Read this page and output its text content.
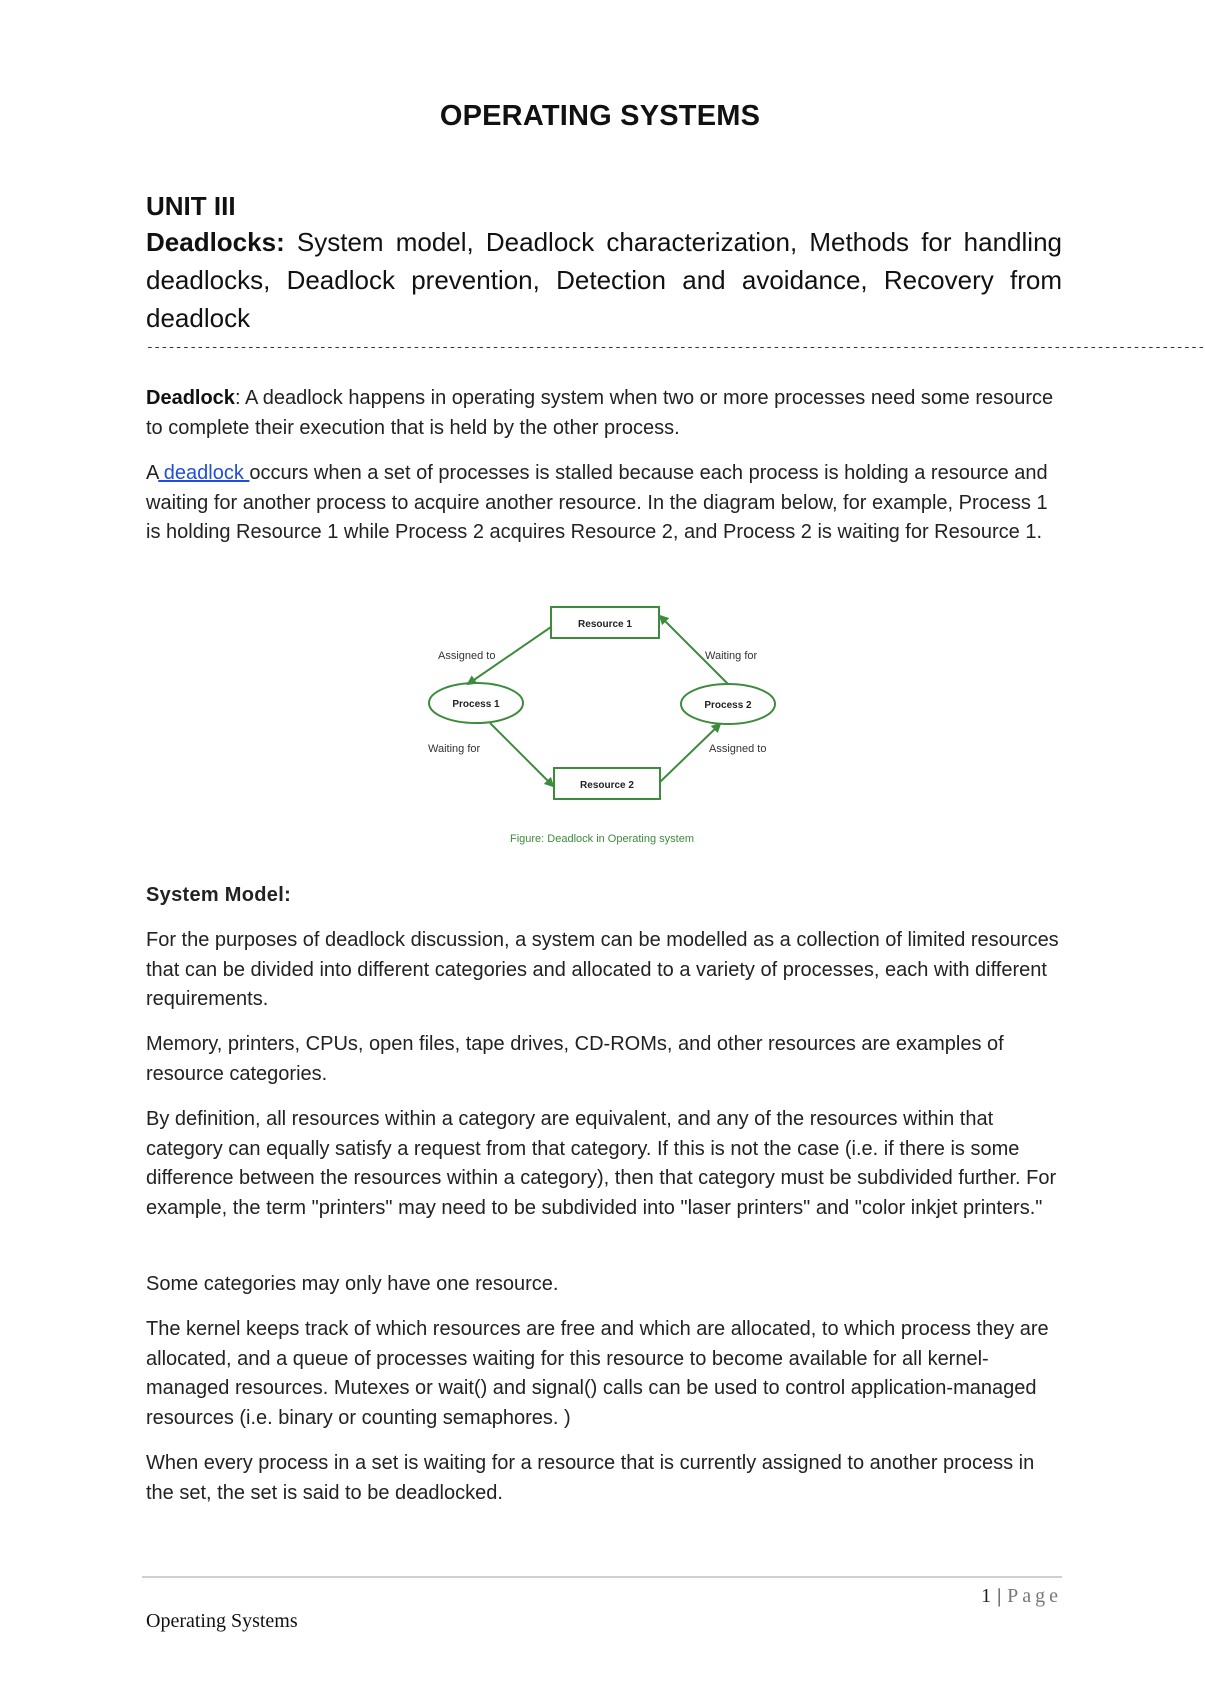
OPERATING SYSTEMS
UNIT III
Deadlocks: System model, Deadlock characterization, Methods for handling deadlocks, Deadlock prevention, Detection and avoidance, Recovery from deadlock
---------------------------------------------------------------------------------------------------------------------------------------------------

Deadlock: A deadlock happens in operating system when two or more processes need some resource to complete their execution that is held by the other process.

A deadlock occurs when a set of processes is stalled because each process is holding a resource and waiting for another process to acquire another resource. In the diagram below, for example, Process 1 is holding Resource 1 while Process 2 acquires Resource 2, and Process 2 is waiting for Resource 1.

Resource 1
Resource 2
Process 1	Process 2
Assigned to	Waiting for
Waiting for	Assigned to
Figure: Deadlock in Operating system
System Model:

For the purposes of deadlock discussion, a system can be modelled as a collection of limited resources that can be divided into different categories and allocated to a variety of processes, each with different requirements.

Memory, printers, CPUs, open files, tape drives, CD-ROMs, and other resources are examples of resource categories.

By definition, all resources within a category are equivalent, and any of the resources within that category can equally satisfy a request from that category. If this is not the case (i.e. if there is some difference between the resources within a category), then that category must be subdivided further. For example, the term "printers" may need to be subdivided into "laser printers" and "color inkjet printers."

Some categories may only have one resource.

The kernel keeps track of which resources are free and which are allocated, to which process they are allocated, and a queue of processes waiting for this resource to become available for all kernel-managed resources. Mutexes or wait() and signal() calls can be used to control application-managed resources (i.e. binary or counting semaphores. )

When every process in a set is waiting for a resource that is currently assigned to another process in the set, the set is said to be deadlocked.

1 | Page
Operating Systems
